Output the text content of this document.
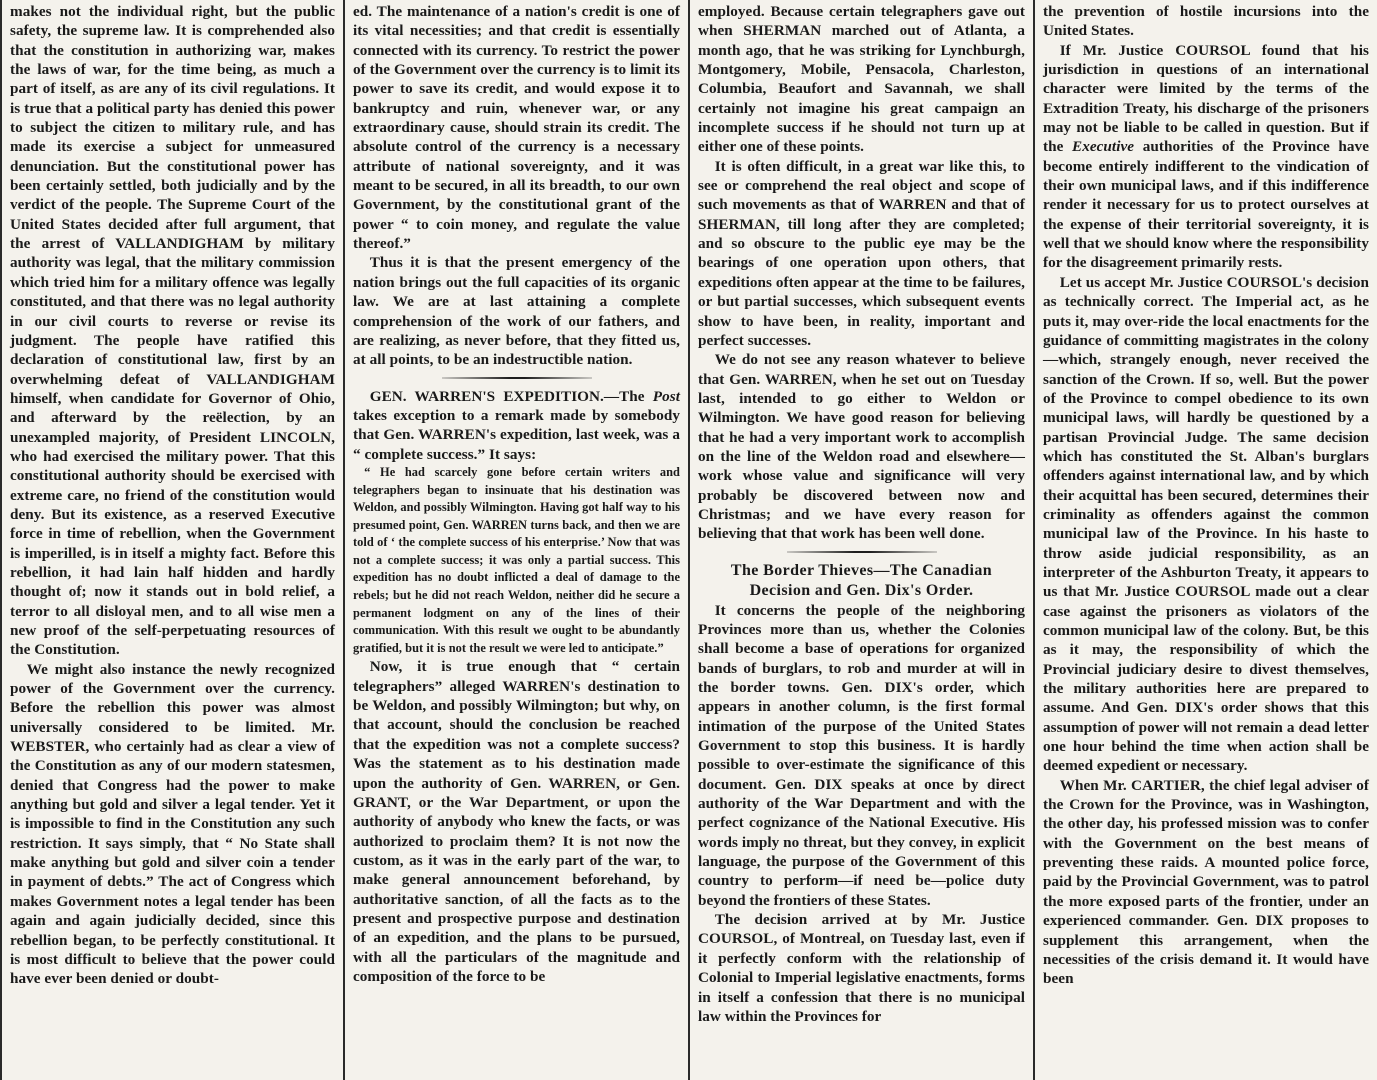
makes not the individual right, but the public safety, the supreme law. It is comprehended also that the constitution in authorizing war, makes the laws of war, for the time being, as much a part of itself, as are any of its civil regulations. It is true that a political party has denied this power to subject the citizen to military rule, and has made its exercise a subject for unmeasured denunciation. But the constitutional power has been certainly settled, both judicially and by the verdict of the people. The Supreme Court of the United States decided after full argument, that the arrest of VALLANDIGHAM by military authority was legal, that the military commission which tried him for a military offence was legally constituted, and that there was no legal authority in our civil courts to reverse or revise its judgment. The people have ratified this declaration of constitutional law, first by an overwhelming defeat of VALLANDIGHAM himself, when candidate for Governor of Ohio, and afterward by the reëlection, by an unexampled majority, of President LINCOLN, who had exercised the military power. That this constitutional authority should be exercised with extreme care, no friend of the constitution would deny. But its existence, as a reserved Executive force in time of rebellion, when the Government is imperilled, is in itself a mighty fact. Before this rebellion, it had lain half hidden and hardly thought of; now it stands out in bold relief, a terror to all disloyal men, and to all wise men a new proof of the self-perpetuating resources of the Constitution.

We might also instance the newly recognized power of the Government over the currency. Before the rebellion this power was almost universally considered to be limited. Mr. WEBSTER, who certainly had as clear a view of the Constitution as any of our modern statesmen, denied that Congress had the power to make anything but gold and silver a legal tender. Yet it is impossible to find in the Constitution any such restriction. It says simply, that “ No State shall make anything but gold and silver coin a tender in payment of debts.” The act of Congress which makes Government notes a legal tender has been again and again judicially decided, since this rebellion began, to be perfectly constitutional. It is most difficult to believe that the power could have ever been denied or doubt-

ed. The maintenance of a nation's credit is one of its vital necessities; and that credit is essentially connected with its currency. To restrict the power of the Government over the currency is to limit its power to save its credit, and would expose it to bankruptcy and ruin, whenever war, or any extraordinary cause, should strain its credit. The absolute control of the currency is a necessary attribute of national sovereignty, and it was meant to be secured, in all its breadth, to our own Government, by the constitutional grant of the power “ to coin money, and regulate the value thereof.”

Thus it is that the present emergency of the nation brings out the full capacities of its organic law. We are at last attaining a complete comprehension of the work of our fathers, and are realizing, as never before, that they fitted us, at all points, to be an indestructible nation.

GEN. WARREN'S EXPEDITION.—The Post takes exception to a remark made by somebody that Gen. WARREN's expedition, last week, was a “ complete success.” It says:

“ He had scarcely gone before certain writers and telegraphers began to insinuate that his destination was Weldon, and possibly Wilmington. Having got half way to his presumed point, Gen. WARREN turns back, and then we are told of ‘ the complete success of his enterprise.’ Now that was not a complete success; it was only a partial success. This expedition has no doubt inflicted a deal of damage to the rebels; but he did not reach Weldon, neither did he secure a permanent lodgment on any of the lines of their communication. With this result we ought to be abundantly gratified, but it is not the result we were led to anticipate.”

Now, it is true enough that “ certain telegraphers” alleged WARREN's destination to be Weldon, and possibly Wilmington; but why, on that account, should the conclusion be reached that the expedition was not a complete success? Was the statement as to his destination made upon the authority of Gen. WARREN, or Gen. GRANT, or the War Department, or upon the authority of anybody who knew the facts, or was authorized to proclaim them? It is not now the custom, as it was in the early part of the war, to make general announcement beforehand, by authoritative sanction, of all the facts as to the present and prospective purpose and destination of an expedition, and the plans to be pursued, with all the particulars of the magnitude and composition of the force to be

employed. Because certain telegraphers gave out when SHERMAN marched out of Atlanta, a month ago, that he was striking for Lynchburgh, Montgomery, Mobile, Pensacola, Charleston, Columbia, Beaufort and Savannah, we shall certainly not imagine his great campaign an incomplete success if he should not turn up at either one of these points.

It is often difficult, in a great war like this, to see or comprehend the real object and scope of such movements as that of WARREN and that of SHERMAN, till long after they are completed; and so obscure to the public eye may be the bearings of one operation upon others, that expeditions often appear at the time to be failures, or but partial successes, which subsequent events show to have been, in reality, important and perfect successes.

We do not see any reason whatever to believe that Gen. WARREN, when he set out on Tuesday last, intended to go either to Weldon or Wilmington. We have good reason for believing that he had a very important work to accomplish on the line of the Weldon road and elsewhere—work whose value and significance will very probably be discovered between now and Christmas; and we have every reason for believing that that work has been well done.

The Border Thieves—The Canadian
Decision and Gen. Dix's Order.

It concerns the people of the neighboring Provinces more than us, whether the Colonies shall become a base of operations for organized bands of burglars, to rob and murder at will in the border towns. Gen. DIX's order, which appears in another column, is the first formal intimation of the purpose of the United States Government to stop this business. It is hardly possible to over-estimate the significance of this document. Gen. DIX speaks at once by direct authority of the War Department and with the perfect cognizance of the National Executive. His words imply no threat, but they convey, in explicit language, the purpose of the Government of this country to perform—if need be—police duty beyond the frontiers of these States.

The decision arrived at by Mr. Justice COURSOL, of Montreal, on Tuesday last, even if it perfectly conform with the relationship of Colonial to Imperial legislative enactments, forms in itself a confession that there is no municipal law within the Provinces for

the prevention of hostile incursions into the United States.

If Mr. Justice COURSOL found that his jurisdiction in questions of an international character were limited by the terms of the Extradition Treaty, his discharge of the prisoners may not be liable to be called in question. But if the Executive authorities of the Province have become entirely indifferent to the vindication of their own municipal laws, and if this indifference render it necessary for us to protect ourselves at the expense of their territorial sovereignty, it is well that we should know where the responsibility for the disagreement primarily rests.

Let us accept Mr. Justice COURSOL's decision as technically correct. The Imperial act, as he puts it, may over-ride the local enactments for the guidance of committing magistrates in the colony—which, strangely enough, never received the sanction of the Crown. If so, well. But the power of the Province to compel obedience to its own municipal laws, will hardly be questioned by a partisan Provincial Judge. The same decision which has constituted the St. Alban's burglars offenders against international law, and by which their acquittal has been secured, determines their criminality as offenders against the common municipal law of the Province. In his haste to throw aside judicial responsibility, as an interpreter of the Ashburton Treaty, it appears to us that Mr. Justice COURSOL made out a clear case against the prisoners as violators of the common municipal law of the colony. But, be this as it may, the responsibility of which the Provincial judiciary desire to divest themselves, the military authorities here are prepared to assume. And Gen. DIX's order shows that this assumption of power will not remain a dead letter one hour behind the time when action shall be deemed expedient or necessary.

When Mr. CARTIER, the chief legal adviser of the Crown for the Province, was in Washington, the other day, his professed mission was to confer with the Government on the best means of preventing these raids. A mounted police force, paid by the Provincial Government, was to patrol the more exposed parts of the frontier, under an experienced commander. Gen. DIX proposes to supplement this arrangement, when the necessities of the crisis demand it. It would have been
